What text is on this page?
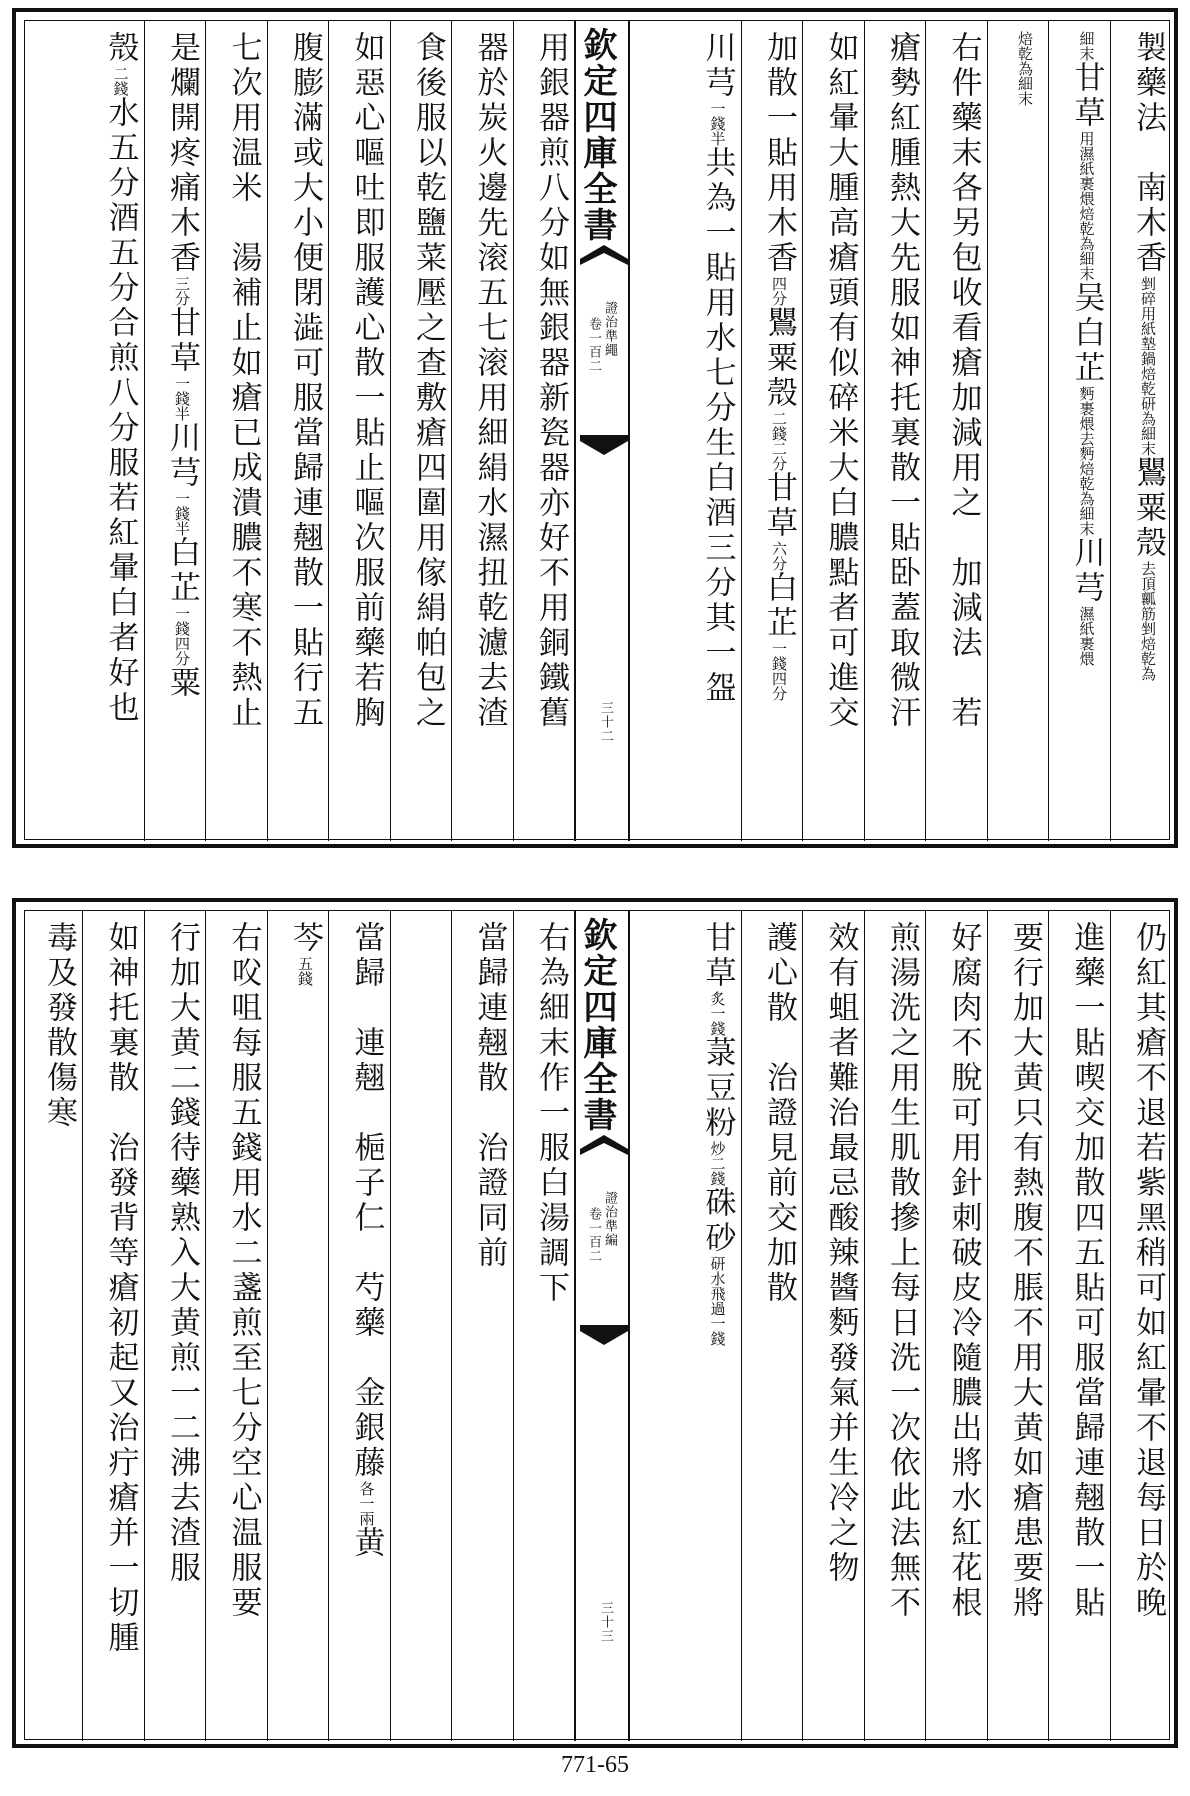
欽定四庫全書
證治準繩
卷一百二
三十二
製藥法　南木香剉碎用紙墊鍋焙乾研為細末鸎粟殼去頂瓤筋剉焙乾為
細末甘草用濕紙裹煨焙乾為細末吴白芷麪裹煨去麪焙乾為細末川芎濕紙裹煨
焙乾為細末
右件藥末各另包收看瘡加減用之　加減法　若
瘡勢紅腫熱大先服如神托裏散一貼卧蓋取微汗
如紅暈大腫高瘡頭有似碎米大白膿點者可進交
加散一貼用木香四分鸎粟殼二錢二分甘草六分白芷一錢四分
川芎一錢半共為一貼用水七分生白酒三分其一盌
用銀器煎八分如無銀器新瓷器亦好不用銅鐵舊
器於炭火邊先滚五七滚用細絹水濕扭乾濾去渣
食後服以乾鹽菜壓之查敷瘡四圍用傢絹帕包之
如惡心嘔吐即服護心散一貼止嘔次服前藥若胸
腹膨滿或大小便閉澁可服當歸連翹散一貼行五
七次用温米　湯補止如瘡已成潰膿不寒不熱止
是爛開疼痛木香三分甘草一錢半川芎一錢半白芷一錢四分粟
殼二錢水五分酒五分合煎八分服若紅暈白者好也
欽定四庫全書
證治準編
卷一百二
三十三
仍紅其瘡不退若紫黑稍可如紅暈不退每日於晚
進藥一貼喫交加散四五貼可服當歸連翹散一貼
要行加大黄只有熱腹不脹不用大黄如瘡患要將
好腐肉不脫可用針刺破皮冷隨膿出將水紅花根
煎湯洗之用生肌散摻上每日洗一次依此法無不
效有蛆者難治最忌酸辣醬麪發氣并生冷之物
護心散　治證見前交加散
甘草炙一錢菉豆粉炒二錢硃砂研水飛過一錢
右為細末作一服白湯調下
當歸連翹散　治證同前
當歸　連翹　梔子仁　芍藥　金銀藤各一兩黄
芩五錢
右㕮咀每服五錢用水二盞煎至七分空心温服要
行加大黄二錢待藥熟入大黄煎一二沸去渣服
如神托裏散　治發背等瘡初起又治疔瘡并一切腫
毒及發散傷寒
771-65
